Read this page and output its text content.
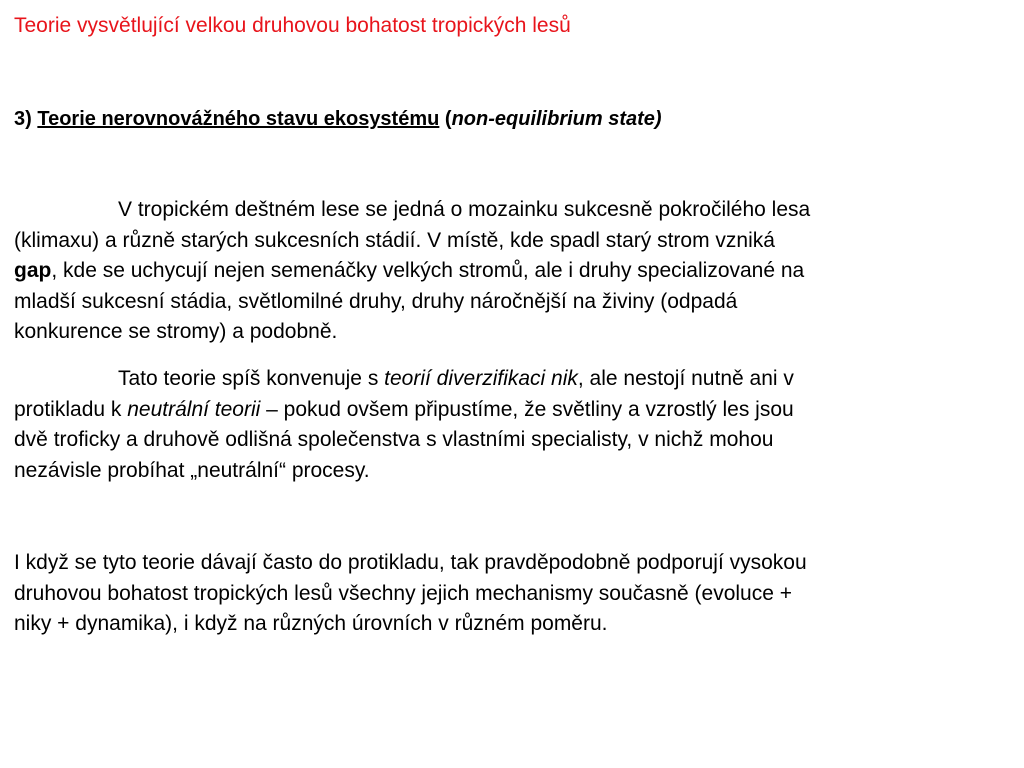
Teorie vysvětlující velkou druhovou bohatost tropických lesů
3) Teorie nerovnovážného stavu ekosystému (non-equilibrium state)

V tropickém deštném lese se jedná o mozainku sukcesně pokročilého lesa
(klimaxu) a různě starých sukcesních stádií. V místě, kde spadl starý strom vzniká
gap, kde se uchycují nejen semenáčky velkých stromů, ale i druhy specializované na
mladší sukcesní stádia, světlomilné druhy, druhy náročnější na živiny (odpadá
konkurence se stromy) a podobně.

Tato teorie spíš konvenuje s teorií diverzifikaci nik, ale nestojí nutně ani v
protikladu k neutrální teorii – pokud ovšem připustíme, že světliny a vzrostlý les jsou
dvě troficky a druhově odlišná společenstva s vlastními specialisty, v nichž mohou
nezávisle probíhat „neutrální“ procesy.

I když se tyto teorie dávají často do protikladu, tak pravděpodobně podporují vysokou
druhovou bohatost tropických lesů všechny jejich mechanismy současně (evoluce +
niky + dynamika), i když na různých úrovních v různém poměru.
